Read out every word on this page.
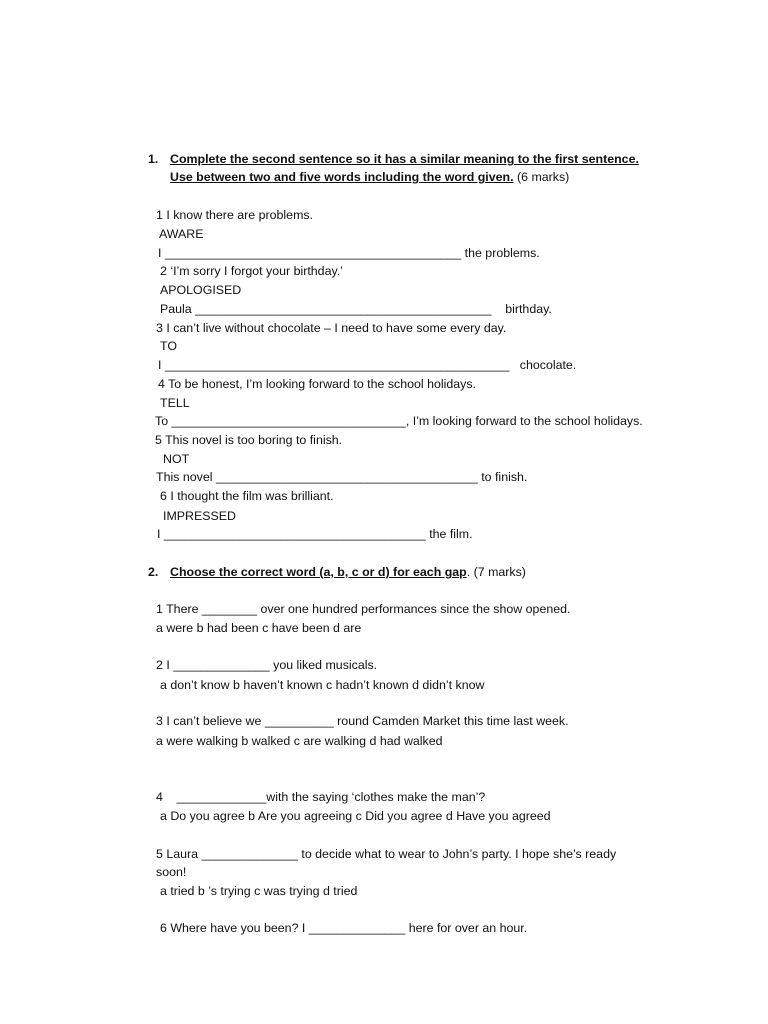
1. Complete the second sentence so it has a similar meaning to the first sentence.
Use between two and five words including the word given. (6 marks)
1 I know there are problems.
AWARE
I ___________________________________________ the problems.
2 ‘I’m sorry I forgot your birthday.’
APOLOGISED
Paula ___________________________________________    birthday.
3 I can’t live without chocolate – I need to have some every day.
TO
I __________________________________________________   chocolate.
4 To be honest, I’m looking forward to the school holidays.
TELL
To __________________________________, I’m looking forward to the school holidays.
5 This novel is too boring to finish.
NOT
This novel ______________________________________ to finish.
6 I thought the film was brilliant.
IMPRESSED
I ______________________________________ the film.
2. Choose the correct word (a, b, c or d) for each gap. (7 marks)
1 There ________ over one hundred performances since the show opened.
a were b had been c have been d are
2 I ______________ you liked musicals.
a don’t know b haven’t known c hadn’t known d didn’t know
3 I can’t believe we __________ round Camden Market this time last week.
a were walking b walked c are walking d had walked
4    _____________with the saying ‘clothes make the man’?
a Do you agree b Are you agreeing c Did you agree d Have you agreed
5 Laura ______________ to decide what to wear to John’s party. I hope she’s ready
soon!
a tried b ’s trying c was trying d tried
6 Where have you been? I ______________ here for over an hour.
